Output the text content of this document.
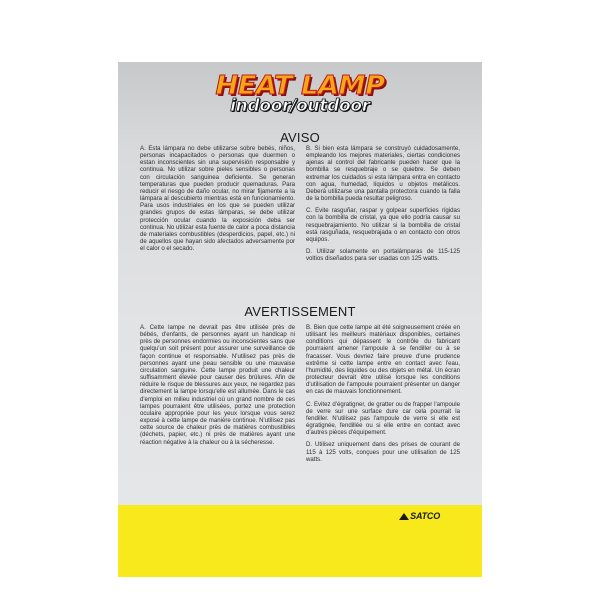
HEAT LAMP
indoor/outdoor
AVISO

A. Esta lámpara no debe utilizarse sobre bebés, niños, personas incapacitados o personas que duermen o estan inconscientes sin una supervisión responsable y continua. No utilizar sobre pieles sensibles o personas con circulación sanguinea deficiente. Se generan temperaturas que pueden producir quemaduras. Para reducir el riesgo de daño ocular, no mirar fijamente a la lámpara al descubierto mientras está en funcionamiento. Para usos industriales en los que se pueden utilizar grandes grupos de estas lámparas, se debe utilizar protección ocular cuando la exposición deba ser continua. No utilizar esta fuente de calor a poca distancia de materiales combustibles (desperdicios, papel, etc.) ni de aquellos que hayan sido afectados adversamente por el calor o el secado.

B. Si bien esta lámpara se construyó cuidadosamente, empleando los mejores materiales, ciertas condiciones ajenas al control del fabricante pueden hacer que la bombilla se resquebraje o se quiebre. Se deben extremar los cuidados si esta lámpara entra en contacto con agua, humedad, líquidos u objetos metálicos. Deberá utilizarse una pantalla protectora cuando la falla de la bombilla pueda resultar peligroso.

C. Evite rasguñar, raspar y golpear superficies rígidas con la bombilla de cristal, ya que ello podría causar su resquebrajamiento. No utilizar si la bombilla de cristal está rasguñada, resquebrajada o en contacto con otros equipos.

D. Utilizar solamente en portalámparas de 115-125 voltios diseñados para ser usadas con 125 watts.

AVERTISSEMENT

A. Cette lampe ne devrait pas être utilisée près de bébés, d'enfants, de personnes ayant un handicap ni près de personnes endormies ou inconscientes sans que quelqu'un soit présent pour assurer une surveillance de façon continue et responsable. N'utilisez pas près de personnes ayant une peau sensible ou une mauvaise circulation sanguine. Cette lampe produit une chaleur suffisamment élevée pour causer des brûlures. Afin de réduire le risque de blessures aux yeux, ne regardez pas directement la lampe lorsqu'elle est allumée. Dans le cas d'emploi en milieu industriel où un grand nombre de ces lampes pourraient être utilisées, portez une protection oculaire appropriée pour les yeux lorsque vous serez exposé à cette lampe de manière continue. N'utilisez pas cette source de chaleur près de matières combustibles (déchets, papier, etc.) ni près de matières ayant une réaction négative à la chaleur ou à la sécheresse.

B. Bien que cette lampe ait été soigneusement créée en utilisant les meilleurs matériaux disponibles, certaines conditions qui dépassent le contrôle du fabricant pourraient amener l'ampoule à se fendiller ou à se fracasser. Vous devriez faire preuve d'une prudence extrême si cette lampe entre en contact avec l'eau, l'humidité, des liquides ou des objets en métal. Un écran protecteur devrait être utilisé lorsque les conditions d'utilisation de l'ampoule pourraient présenter un danger en cas de mauvais fonctionnement.

C. Evitez d'égratigner, de gratter ou de frapper l'ampoule de verre sur une surface dure car cela pourrait la fendiller. N'utilisez pas l'ampoule de verre si elle est égratignée, fendillée ou si elle entre en contact avec d'autres pièces d'équipement.

D. Utilisez uniquement dans des prises de courant de 115 à 125 volts, conçues pour une utilisation de 125 watts.

SATCO
